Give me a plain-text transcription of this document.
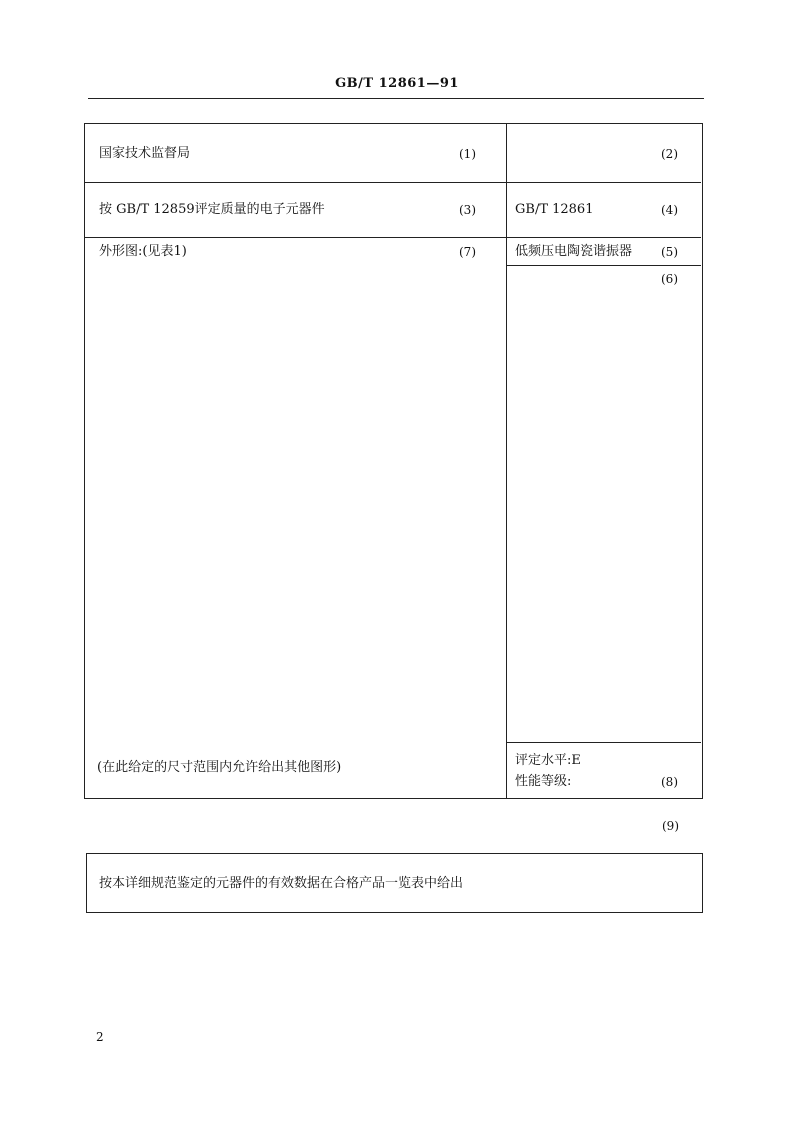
GB/T 12861—91
国家技术监督局	(1)	(2)
按 GB/T 12859评定质量的电子元器件	(3)	GB/T 12861	(4)
外形图:(见表1)	(7)	低频压电陶瓷谐振器 (5)
(6)
(在此给定的尺寸范围内允许给出其他图形)	评定水平:E
性能等级:	(8)
(9)
按本详细规范鉴定的元器件的有效数据在合格产品一览表中给出
2
